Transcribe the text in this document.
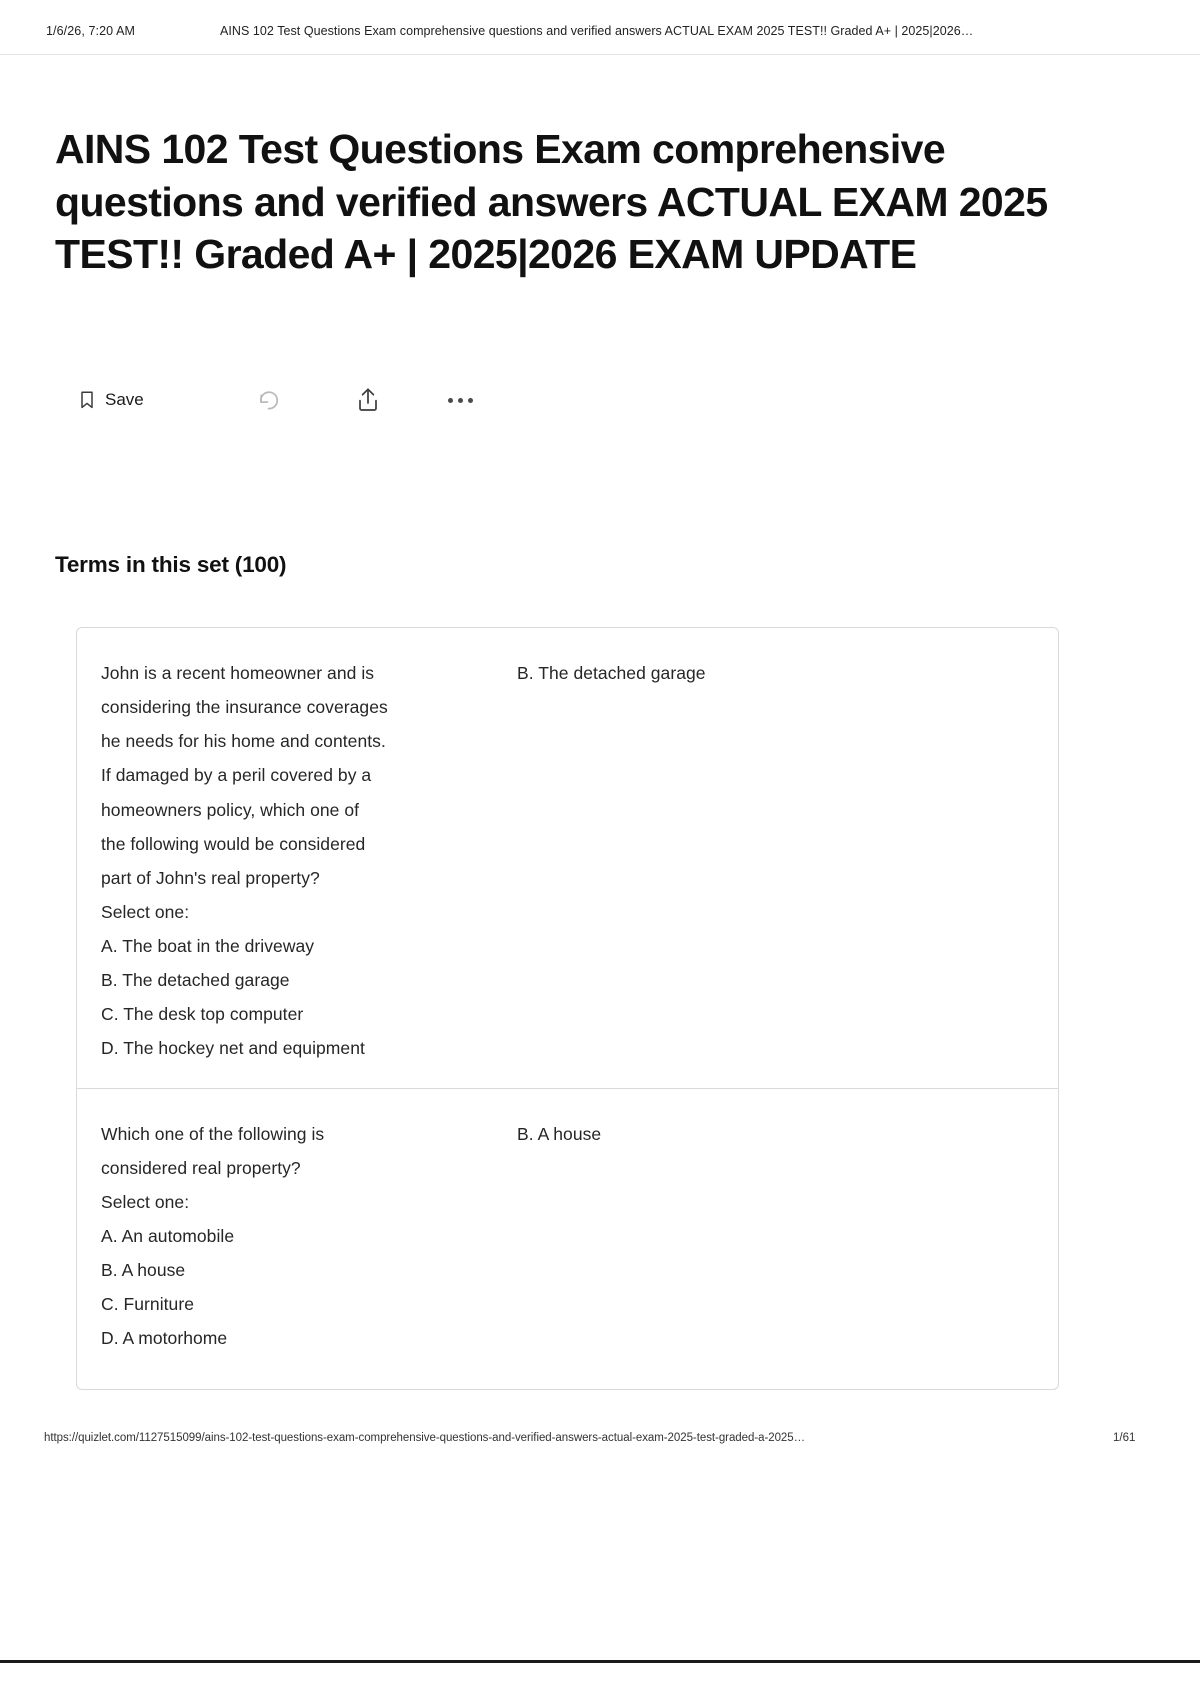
1/6/26, 7:20 AM	AINS 102 Test Questions Exam comprehensive questions and verified answers ACTUAL EXAM 2025 TEST!! Graded A+ | 2025|2026…
AINS 102 Test Questions Exam comprehensive questions and verified answers ACTUAL EXAM 2025 TEST!! Graded A+ | 2025|2026 EXAM UPDATE
Save
Terms in this set (100)
John is a recent homeowner and is
considering the insurance coverages
he needs for his home and contents.
If damaged by a peril covered by a
homeowners policy, which one of
the following would be considered
part of John's real property?
Select one:
A. The boat in the driveway
B. The detached garage
C. The desk top computer
D. The hockey net and equipment
B. The detached garage
Which one of the following is
considered real property?
Select one:
A. An automobile
B. A house
C. Furniture
D. A motorhome
B. A house
https://quizlet.com/1127515099/ains-102-test-questions-exam-comprehensive-questions-and-verified-answers-actual-exam-2025-test-graded-a-2025…	1/61
